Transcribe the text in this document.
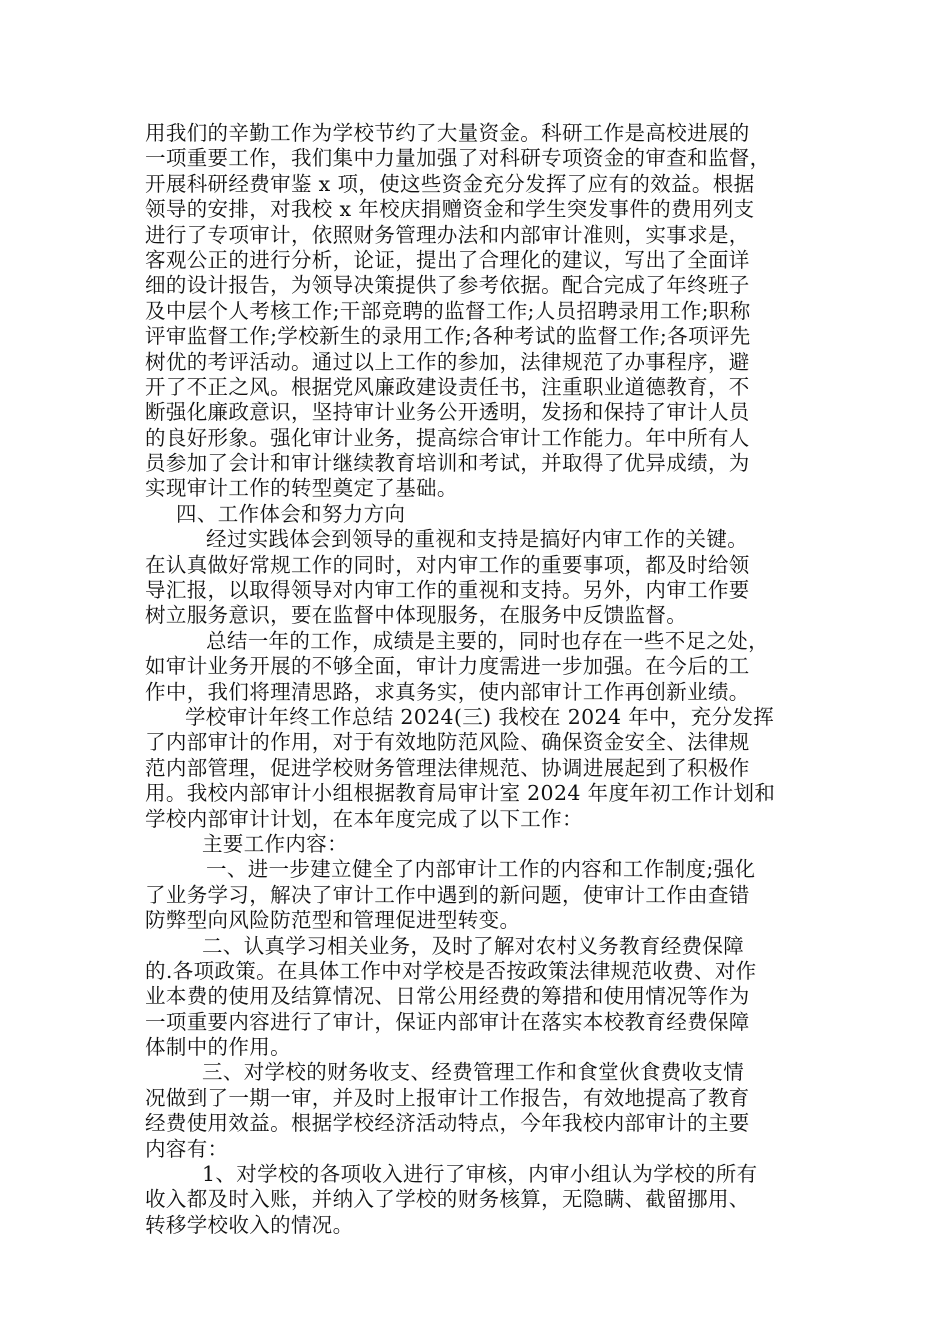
用我们的辛勤工作为学校节约了大量资金。科研工作是高校进展的
一项重要工作，我们集中力量加强了对科研专项资金的审查和监督，
开展科研经费审鉴 x 项，使这些资金充分发挥了应有的效益。根据
领导的安排，对我校 x 年校庆捐赠资金和学生突发事件的费用列支
进行了专项审计，依照财务管理办法和内部审计准则，实事求是，
客观公正的进行分析，论证，提出了合理化的建议，写出了全面详
细的设计报告，为领导决策提供了参考依据。配合完成了年终班子
及中层个人考核工作;干部竞聘的监督工作;人员招聘录用工作;职称
评审监督工作;学校新生的录用工作;各种考试的监督工作;各项评先
树优的考评活动。通过以上工作的参加，法律规范了办事程序，避
开了不正之风。根据党风廉政建设责任书，注重职业道德教育，不
断强化廉政意识，坚持审计业务公开透明，发扬和保持了审计人员
的良好形象。强化审计业务，提高综合审计工作能力。年中所有人
员参加了会计和审计继续教育培训和考试，并取得了优异成绩，为
实现审计工作的转型奠定了基础。
四、工作体会和努力方向
经过实践体会到领导的重视和支持是搞好内审工作的关键。
在认真做好常规工作的同时，对内审工作的重要事项，都及时给领
导汇报，以取得领导对内审工作的重视和支持。另外，内审工作要
树立服务意识，要在监督中体现服务，在服务中反馈监督。
总结一年的工作，成绩是主要的，同时也存在一些不足之处，
如审计业务开展的不够全面，审计力度需进一步加强。在今后的工
作中，我们将理清思路，求真务实，使内部审计工作再创新业绩。
学校审计年终工作总结 2024(三) 我校在 2024 年中，充分发挥
了内部审计的作用，对于有效地防范风险、确保资金安全、法律规
范内部管理，促进学校财务管理法律规范、协调进展起到了积极作
用。我校内部审计小组根据教育局审计室 2024 年度年初工作计划和
学校内部审计计划，在本年度完成了以下工作：
主要工作内容：
一、进一步建立健全了内部审计工作的内容和工作制度;强化
了业务学习，解决了审计工作中遇到的新问题，使审计工作由查错
防弊型向风险防范型和管理促进型转变。
二、认真学习相关业务，及时了解对农村义务教育经费保障
的.各项政策。在具体工作中对学校是否按政策法律规范收费、对作
业本费的使用及结算情况、日常公用经费的筹措和使用情况等作为
一项重要内容进行了审计，保证内部审计在落实本校教育经费保障
体制中的作用。
三、对学校的财务收支、经费管理工作和食堂伙食费收支情
况做到了一期一审，并及时上报审计工作报告，有效地提高了教育
经费使用效益。根据学校经济活动特点，今年我校内部审计的主要
内容有：
1、对学校的各项收入进行了审核，内审小组认为学校的所有
收入都及时入账，并纳入了学校的财务核算，无隐瞒、截留挪用、
转移学校收入的情况。
